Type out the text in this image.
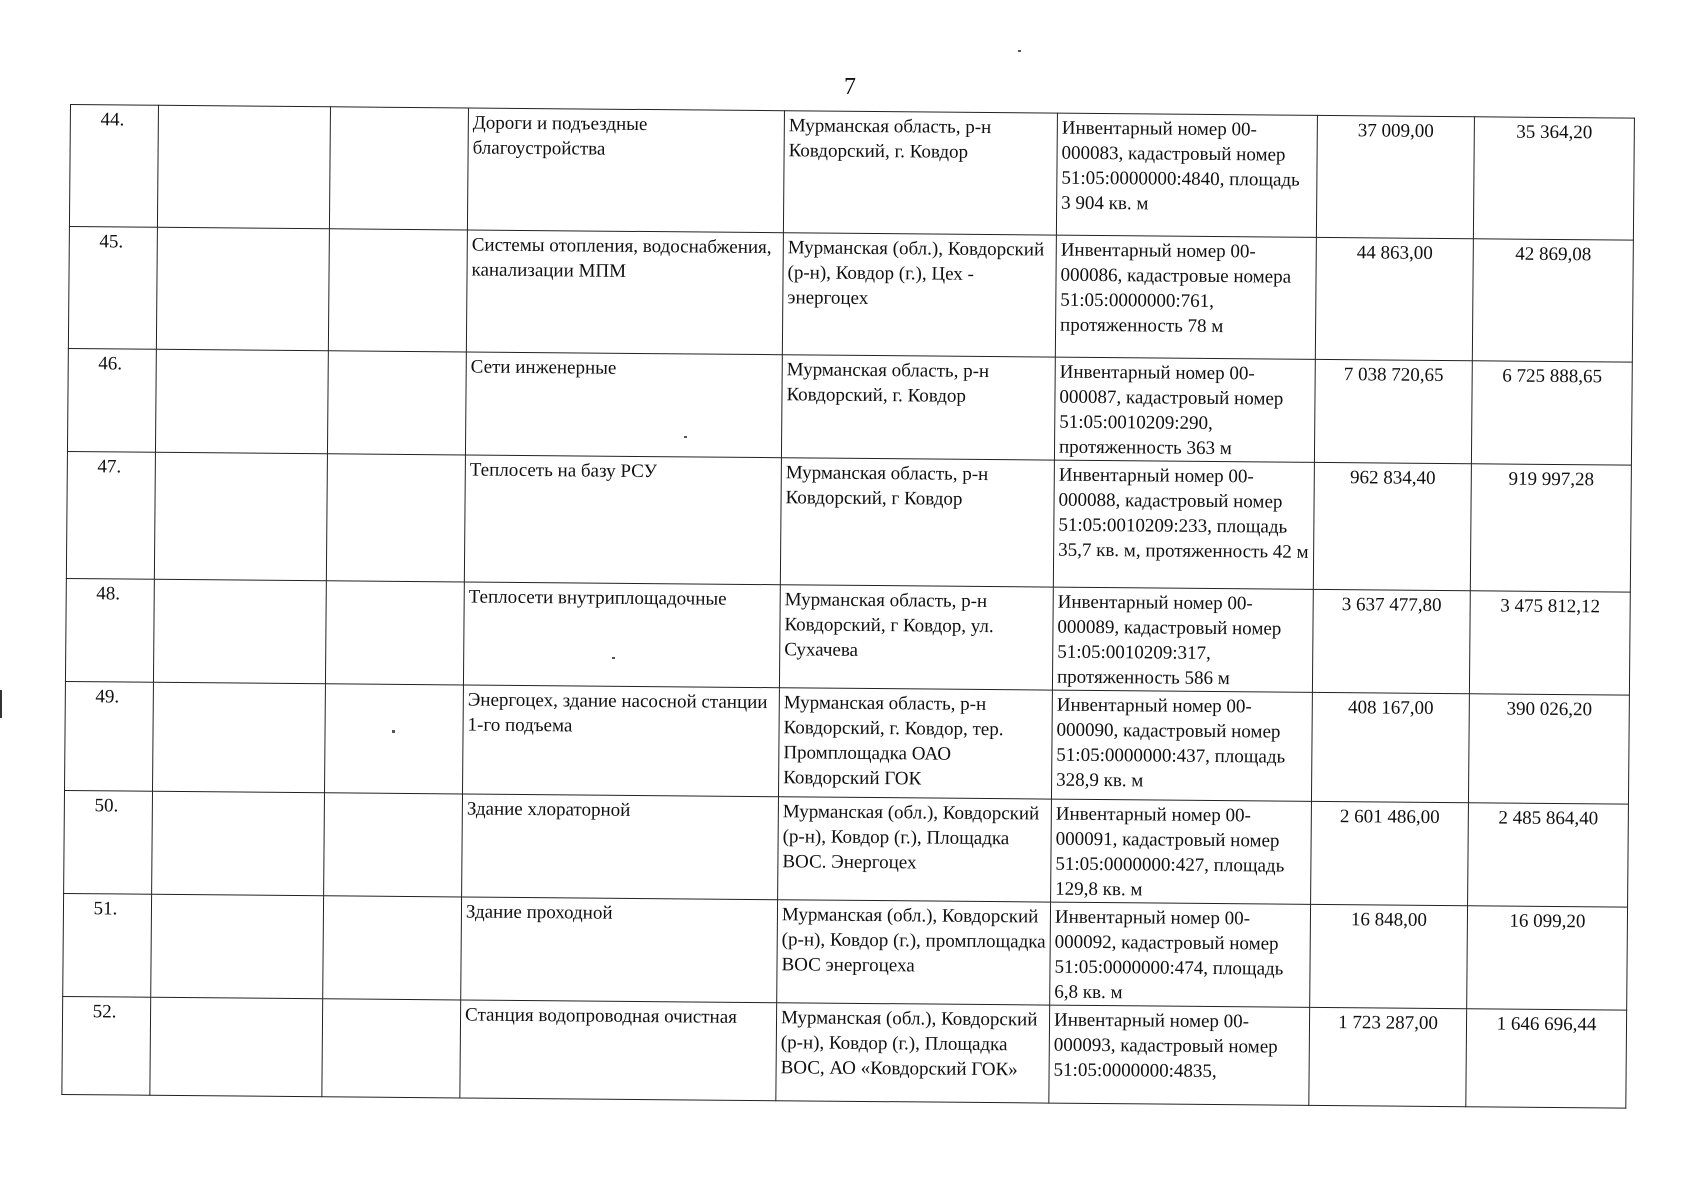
7
44.			Дороги и подъездные благоустройства	Мурманская область, р-н Ковдорский, г. Ковдор	Инвентарный номер 00-000083, кадастровый номер 51:05:0000000:4840, площадь 3 904 кв. м	37 009,00	35 364,20
45.			Системы отопления, водоснабжения, канализации МПМ	Мурманская (обл.), Ковдорский (р-н), Ковдор (г.), Цех - энергоцех	Инвентарный номер 00-000086, кадастровые номера 51:05:0000000:761, протяженность 78 м	44 863,00	42 869,08
46.			Сети инженерные	Мурманская область, р-н Ковдорский, г. Ковдор	Инвентарный номер 00-000087, кадастровый номер 51:05:0010209:290, протяженность 363 м	7 038 720,65	6 725 888,65
47.			Теплосеть на базу РСУ	Мурманская область, р-н Ковдорский, г Ковдор	Инвентарный номер 00-000088, кадастровый номер 51:05:0010209:233, площадь 35,7 кв. м, протяженность 42 м	962 834,40	919 997,28
48.			Теплосети внутриплощадочные	Мурманская область, р-н Ковдорский, г Ковдор, ул. Сухачева	Инвентарный номер 00-000089, кадастровый номер 51:05:0010209:317, протяженность 586 м	3 637 477,80	3 475 812,12
49.			Энергоцех, здание насосной станции 1-го подъема	Мурманская область, р-н Ковдорский, г. Ковдор, тер. Промплощадка ОАО Ковдорский ГОК	Инвентарный номер 00-000090, кадастровый номер 51:05:0000000:437, площадь 328,9 кв. м	408 167,00	390 026,20
50.			Здание хлораторной	Мурманская (обл.), Ковдорский (р-н), Ковдор (г.), Площадка ВОС. Энергоцех	Инвентарный номер 00-000091, кадастровый номер 51:05:0000000:427, площадь 129,8 кв. м	2 601 486,00	2 485 864,40
51.			Здание проходной	Мурманская (обл.), Ковдорский (р-н), Ковдор (г.), промплощадка ВОС энергоцеха	Инвентарный номер 00-000092, кадастровый номер 51:05:0000000:474, площадь 6,8 кв. м	16 848,00	16 099,20
52.			Станция водопроводная очистная	Мурманская (обл.), Ковдорский (р-н), Ковдор (г.), Площадка ВОС, АО «Ковдорский ГОК»	Инвентарный номер 00-000093, кадастровый номер 51:05:0000000:4835,	1 723 287,00	1 646 696,44
